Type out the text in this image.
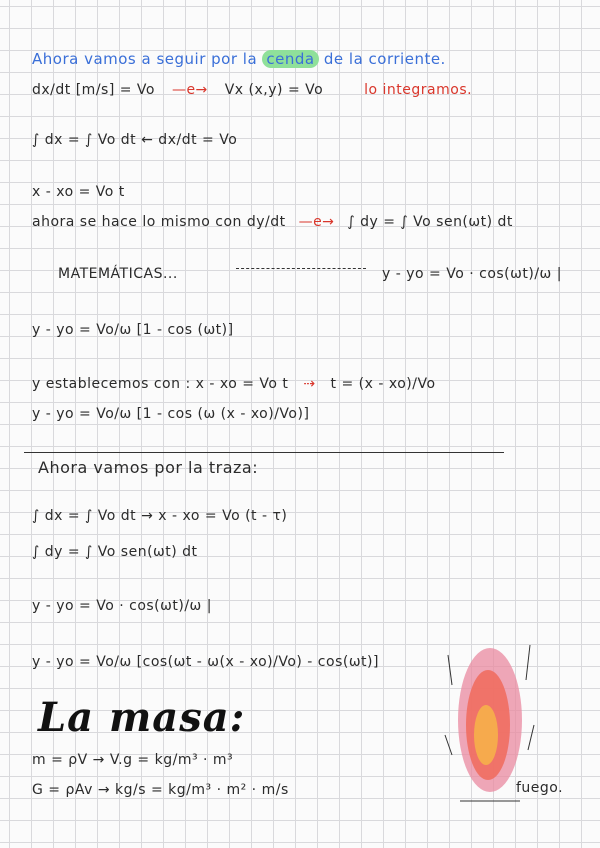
Ahora vamos a seguir por la cenda de la corriente.
dx/dt [m/s] = Vo —e→ Vx (x,y) = Vo	lo integramos.
∫ dx = ∫ Vo dt ← dx/dt = Vo
x - xo = Vo t
ahora se hace lo mismo con dy/dt —e→ ∫ dy = ∫ Vo sen(ωt) dt
MATEMÁTICAS...	y - yo = Vo · cos(ωt)/ω |
y - yo = Vo/ω [1 - cos (ωt)]
y establecemos con : x - xo = Vo t ⇢ t = (x - xo)/Vo
y - yo = Vo/ω [1 - cos (ω (x - xo)/Vo)]
Ahora vamos por la traza:
∫ dx = ∫ Vo dt → x - xo = Vo (t - τ)
∫ dy = ∫ Vo sen(ωt) dt
y - yo = Vo · cos(ωt)/ω |
y - yo = Vo/ω [cos(ωt - ω(x - xo)/Vo) - cos(ωt)]
La masa:
m = ρV → V.g = kg/m³ · m³
G = ρAv → kg/s = kg/m³ · m² · m/s	fuego.
